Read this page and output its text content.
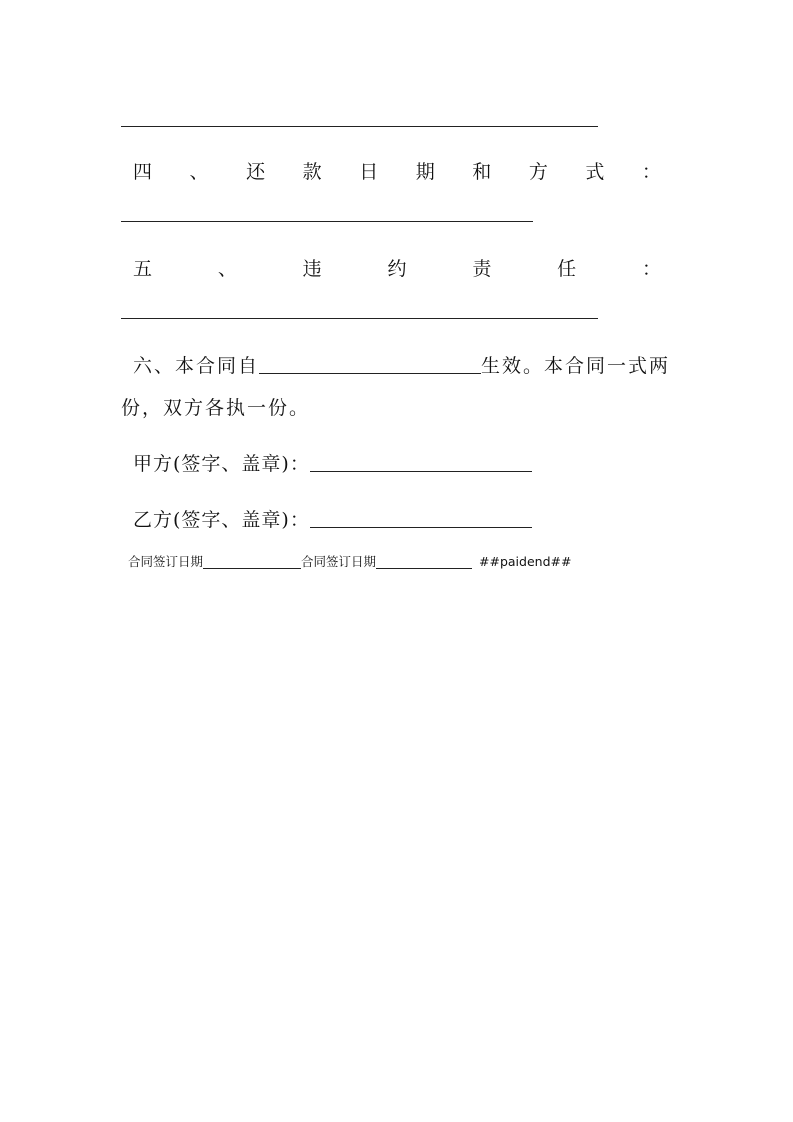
四 、 还 款 日 期 和 方 式 ：
五	、	违	约	责	任	：
六、本合同自	生效。本合同一式两
份，双方各执一份。
甲方(签字、盖章)：
乙方(签字、盖章)：
合同签订日期	合同签订日期	##paidend##
